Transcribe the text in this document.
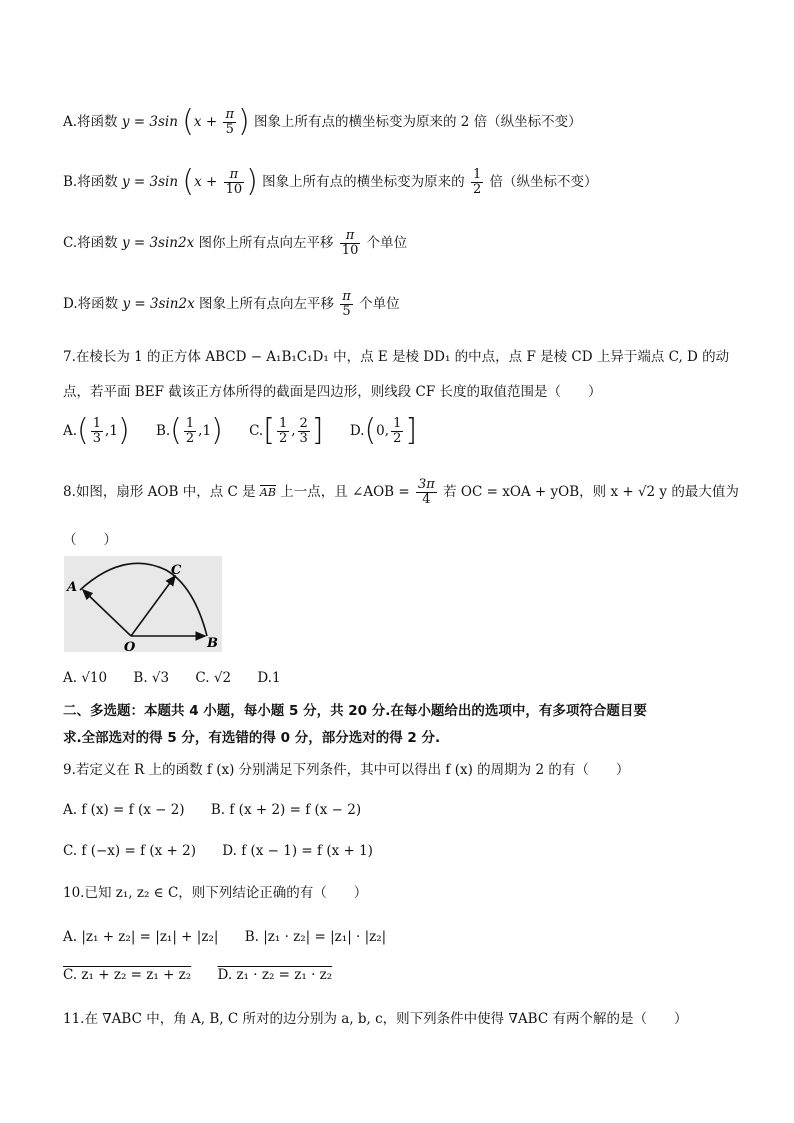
A.将函数 y = 3sin ($x + \frac{\pi}{5}$ ) 图象上所有点的横坐标变为原来的 2 倍（纵坐标不变）
B.将函数 y = 3sin ($x + \frac{\pi}{10}$ ) 图象上所有点的横坐标变为原来的 $\frac{1}{2}$ 倍（纵坐标不变）
C.将函数 y = 3sin2x 图你上所有点向左平移 $\frac{\pi}{10}$ 个单位
D.将函数 y = 3sin2x 图象上所有点向左平移 $\frac{\pi}{5}$ 个单位
7.在棱长为 1 的正方体 ABCD − A₁B₁C₁D₁ 中，点 E 是棱 DD₁ 的中点，点 F 是棱 CD 上异于端点 C, D 的动
点，若平面 BEF 截该正方体所得的截面是四边形，则线段 CF 长度的取值范围是（　　）
$A.( \frac{1}{3} ,1)$ $B.( \frac{1}{2} ,1)$ $C.[ \frac{1}{2}$ , $\frac{2}{3}$ ] D.(0, $\frac{1}{2}$ ]
8.如图，扇形 AOB 中，点 C 是 AB 上一点，且 ∠AOB = $\frac{3\pi}{4}$ 若 OC = xOA + yOB，则 x + √2 y 的最大值为
（　　）
A
C
O	B
A. √10 B. √3 C. √2 D.1
二、多选题：本题共 4 小题，每小题 5 分，共 20 分.在每小题给出的选项中，有多项符合题目要
求.全部选对的得 5 分，有选错的得 0 分，部分选对的得 2 分.
9.若定义在 R 上的函数 f (x) 分别满足下列条件，其中可以得出 f (x) 的周期为 2 的有（　　）
A. f (x) = f (x − 2) B. f (x + 2) = f (x − 2)
C. f (−x) = f (x + 2) D. f (x − 1) = f (x + 1)
10.已知 z₁, z₂ ∈ C，则下列结论正确的有（　　）
A. |z₁ + z₂| = |z₁| + |z₂| B. |z₁ · z₂| = |z₁| · |z₂|
C. z₁ + z₂ = z₁ + z₂ D. z₁ · z₂ = z₁ · z₂
11.在 ∇ABC 中，角 A, B, C 所对的边分别为 a, b, c，则下列条件中使得 ∇ABC 有两个解的是（　　）
